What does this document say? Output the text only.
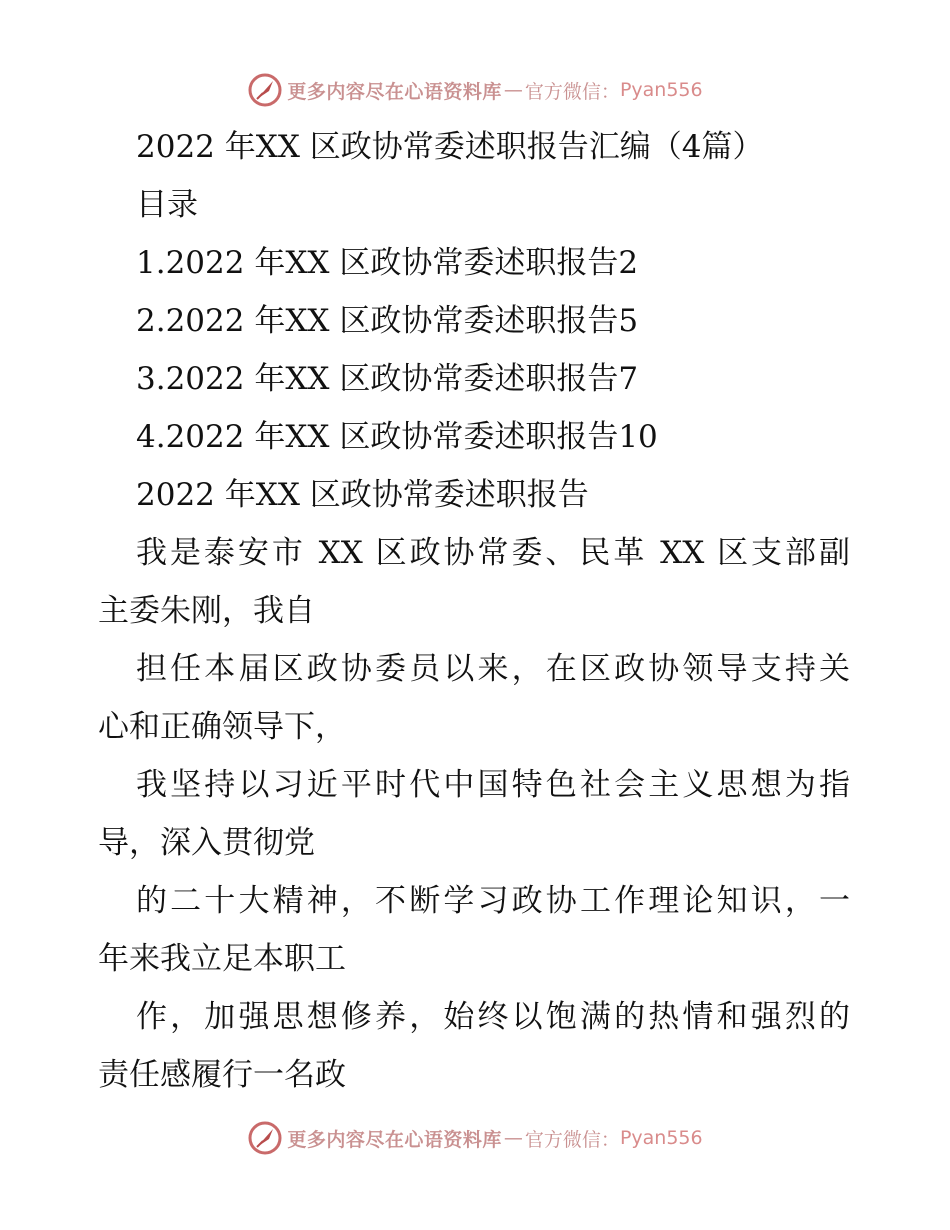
更多内容尽在心语资料库 — 官方微信： Pyan556
2022 年XX 区政协常委述职报告汇编（4篇）
目录
1.2022 年XX 区政协常委述职报告2
2.2022 年XX 区政协常委述职报告5
3.2022 年XX 区政协常委述职报告7
4.2022 年XX 区政协常委述职报告10
2022 年XX 区政协常委述职报告
我是泰安市 XX 区政协常委、民革 XX 区支部副
主委朱刚，我自
担任本届区政协委员以来，在区政协领导支持关
心和正确领导下，
我坚持以习近平时代中国特色社会主义思想为指
导，深入贯彻党
的二十大精神，不断学习政协工作理论知识，一
年来我立足本职工
作，加强思想修养，始终以饱满的热情和强烈的
责任感履行一名政
更多内容尽在心语资料库 — 官方微信： Pyan556
